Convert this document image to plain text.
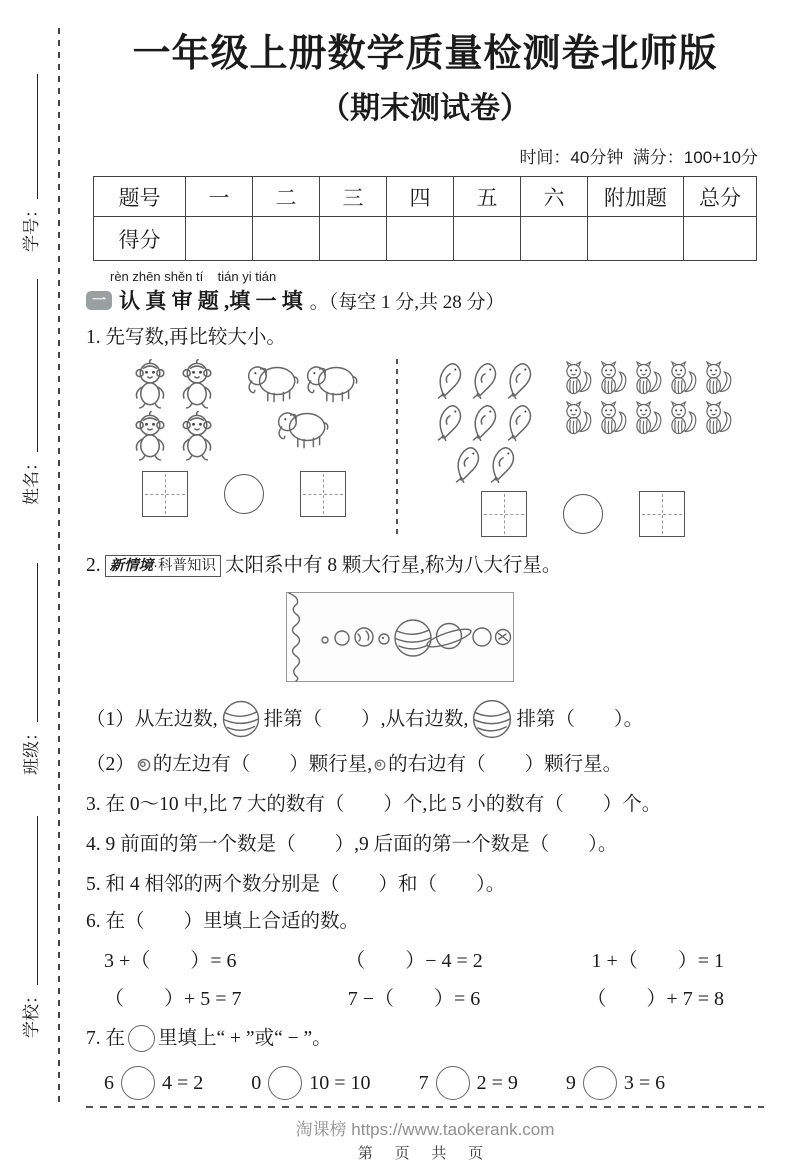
学号：
姓名：
班级：
学校：
一年级上册数学质量检测卷北师版
（期末测试卷）
时间：40分钟  满分：100+10分
题号	一	二	三	四	五	六	附加题	总分
得分								
rèn zhēn shěn tí    tián yi tián
一 认 真 审 题 ,填 一 填 。（每空 1 分,共 28 分）
1. 先写数,再比较大小。
2. 新情境·科普知识 太阳系中有 8 颗大行星,称为八大行星。
（1）从左边数, 排第（　　）,从右边数, 排第（　　）。
（2） 的左边有（　　）颗行星, 的右边有（　　）颗行星。
3. 在 0～10 中,比 7 大的数有（　　）个,比 5 小的数有（　　）个。
4. 9 前面的第一个数是（　　）,9 后面的第一个数是（　　）。
5. 和 4 相邻的两个数分别是（　　）和（　　）。
6. 在（　　）里填上合适的数。
3 +（　　）= 6	（　　）− 4 = 2	1 +（　　）= 1
（　　）+ 5 = 7	7 −（　　）= 6	（　　）+ 7 = 8
7. 在 里填上“ + ”或“ − ”。
6 4 = 2 0 10 = 10 7 2 = 9 9 3 = 6
淘课榜 https://www.taokerank.com
第 页 共 页
